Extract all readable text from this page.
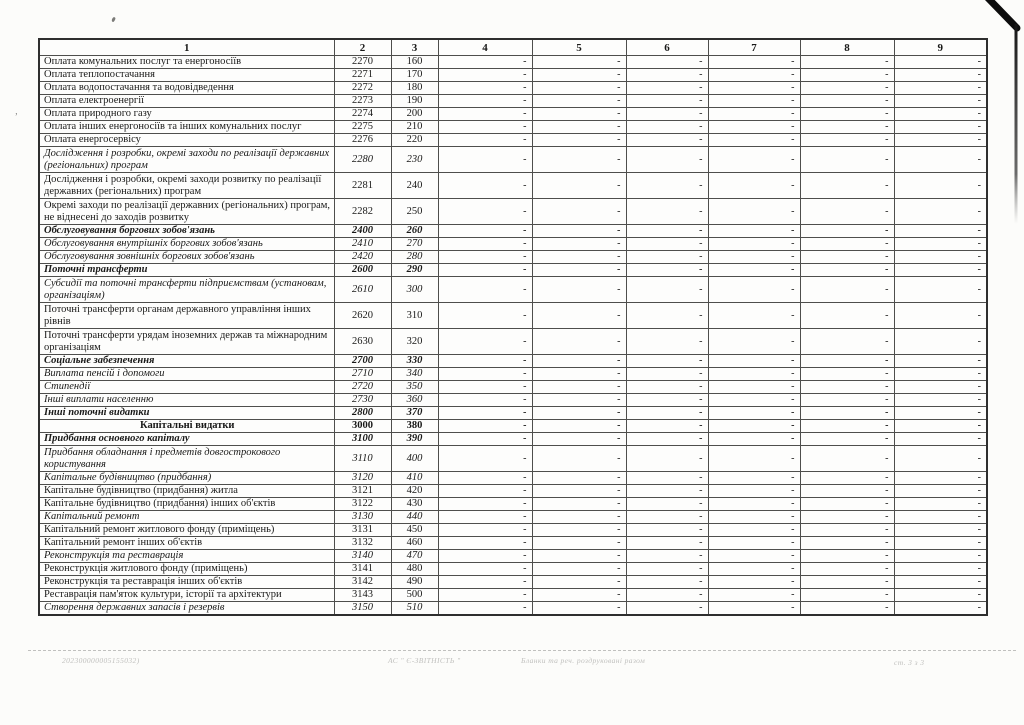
1	2	3	4	5	6	7	8	9
Оплата комунальних послуг та енергоносіїв	2270	160	-	-	-	-	-	-
Оплата теплопостачання	2271	170	-	-	-	-	-	-
Оплата водопостачання та водовідведення	2272	180	-	-	-	-	-	-
Оплата електроенергії	2273	190	-	-	-	-	-	-
Оплата природного газу	2274	200	-	-	-	-	-	-
Оплата інших енергоносіїв та інших комунальних послуг	2275	210	-	-	-	-	-	-
Оплата енергосервісу	2276	220	-	-	-	-	-	-
Дослідження і розробки, окремі заходи по реалізації державних (регіональних) програм	2280	230	-	-	-	-	-	-
Дослідження і розробки, окремі заходи розвитку по реалізації державних (регіональних) програм	2281	240	-	-	-	-	-	-
Окремі заходи по реалізації державних (регіональних) програм, не віднесені до заходів розвитку	2282	250	-	-	-	-	-	-
Обслуговування боргових зобов'язань	2400	260	-	-	-	-	-	-
Обслуговування внутрішніх боргових зобов'язань	2410	270	-	-	-	-	-	-
Обслуговування зовнішніх боргових зобов'язань	2420	280	-	-	-	-	-	-
Поточні трансферти	2600	290	-	-	-	-	-	-
Субсидії та поточні трансферти підприємствам (установам, організаціям)	2610	300	-	-	-	-	-	-
Поточні трансферти органам державного управління інших рівнів	2620	310	-	-	-	-	-	-
Поточні трансферти урядам іноземних держав та міжнародним організаціям	2630	320	-	-	-	-	-	-
Соціальне забезпечення	2700	330	-	-	-	-	-	-
Виплата пенсій і допомоги	2710	340	-	-	-	-	-	-
Стипендії	2720	350	-	-	-	-	-	-
Інші виплати населенню	2730	360	-	-	-	-	-	-
Інші поточні видатки	2800	370	-	-	-	-	-	-
Капітальні видатки	3000	380	-	-	-	-	-	-
Придбання основного капіталу	3100	390	-	-	-	-	-	-
Придбання обладнання і предметів довгострокового користування	3110	400	-	-	-	-	-	-
Капітальне будівництво (придбання)	3120	410	-	-	-	-	-	-
Капітальне будівництво (придбання) житла	3121	420	-	-	-	-	-	-
Капітальне будівництво (придбання) інших об'єктів	3122	430	-	-	-	-	-	-
Капітальний ремонт	3130	440	-	-	-	-	-	-
Капітальний ремонт житлового фонду (приміщень)	3131	450	-	-	-	-	-	-
Капітальний ремонт інших об'єктів	3132	460	-	-	-	-	-	-
Реконструкція та реставрація	3140	470	-	-	-	-	-	-
Реконструкція житлового фонду (приміщень)	3141	480	-	-	-	-	-	-
Реконструкція та реставрація інших об'єктів	3142	490	-	-	-	-	-	-
Реставрація пам'яток культури, історії та архітектури	3143	500	-	-	-	-	-	-
Створення державних запасів і резервів	3150	510	-	-	-	-	-	-
202300000005155032)	АС " Є-ЗВІТНІСТЬ "	Бланки та реч. роздруковані разом	ст. 3 з 3
’
